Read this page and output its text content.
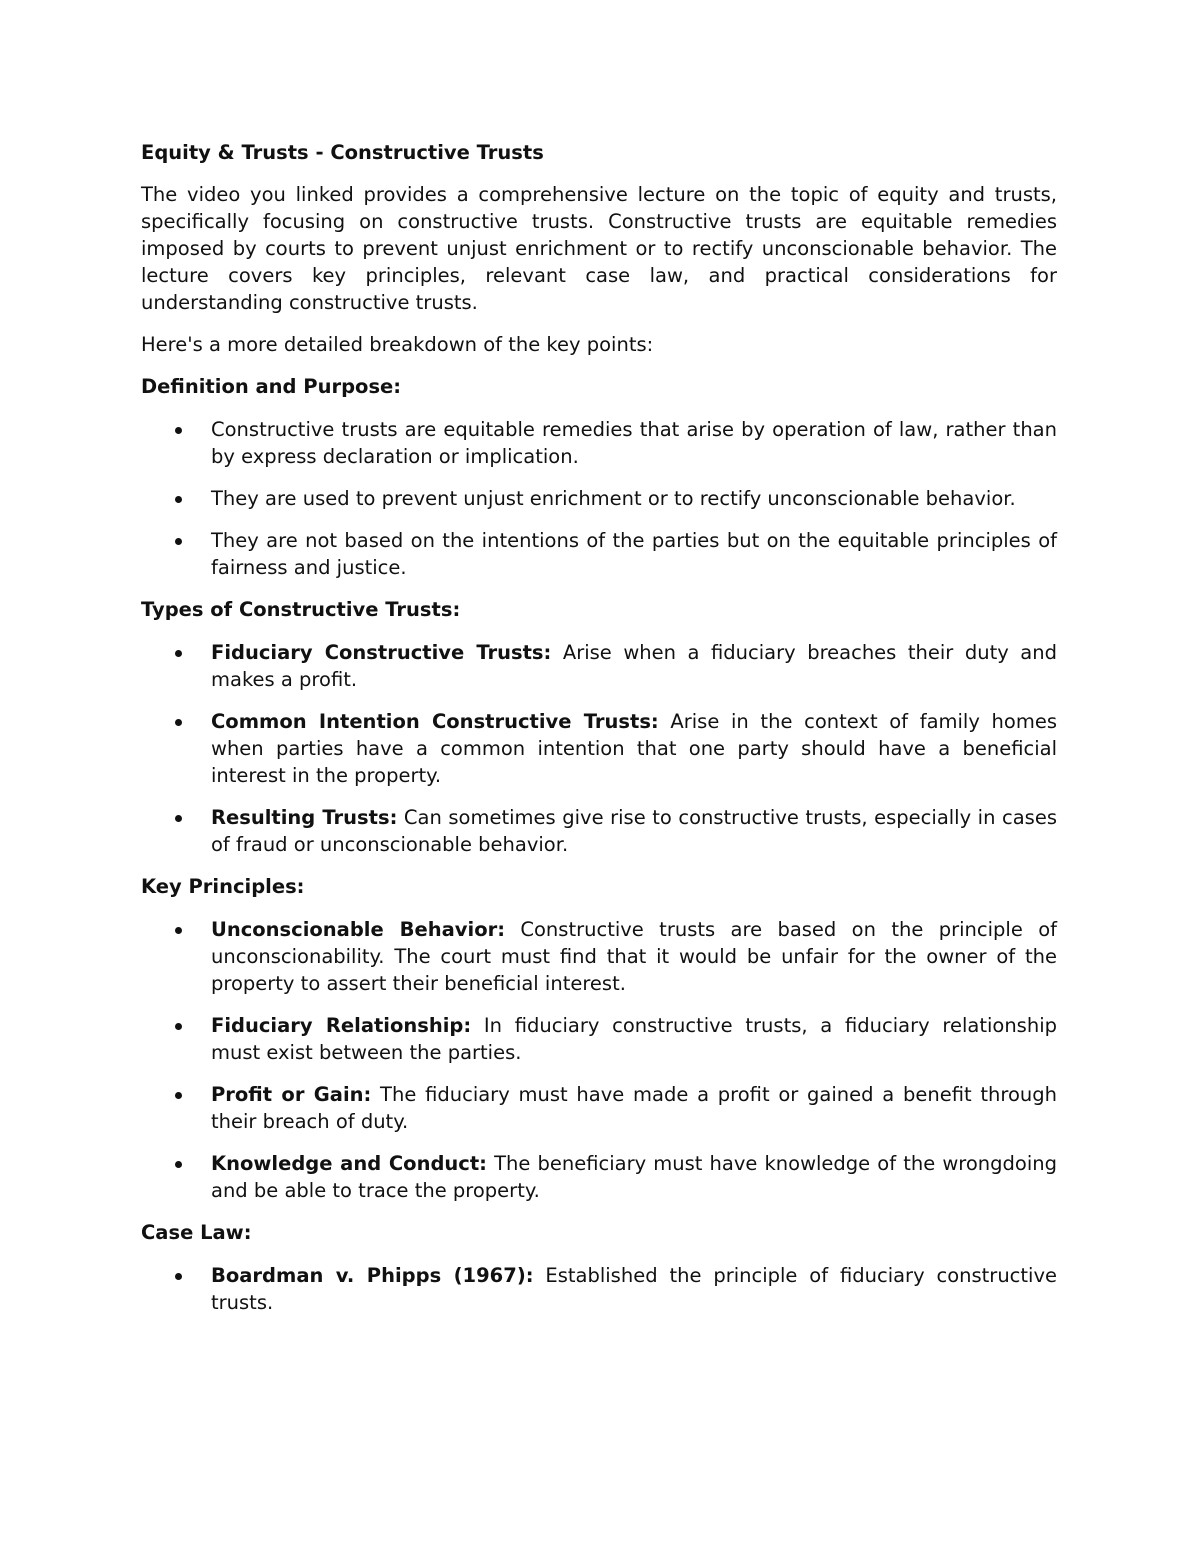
Equity & Trusts - Constructive Trusts

The video you linked provides a comprehensive lecture on the topic of equity and trusts, specifically focusing on constructive trusts. Constructive trusts are equitable remedies imposed by courts to prevent unjust enrichment or to rectify unconscionable behavior. The lecture covers key principles, relevant case law, and practical considerations for understanding constructive trusts.

Here's a more detailed breakdown of the key points:

Definition and Purpose:
Constructive trusts are equitable remedies that arise by operation of law, rather than by express declaration or implication.
They are used to prevent unjust enrichment or to rectify unconscionable behavior.
They are not based on the intentions of the parties but on the equitable principles of fairness and justice.
Types of Constructive Trusts:
Fiduciary Constructive Trusts: Arise when a fiduciary breaches their duty and makes a profit.
Common Intention Constructive Trusts: Arise in the context of family homes when parties have a common intention that one party should have a beneficial interest in the property.
Resulting Trusts: Can sometimes give rise to constructive trusts, especially in cases of fraud or unconscionable behavior.
Key Principles:
Unconscionable Behavior: Constructive trusts are based on the principle of unconscionability. The court must find that it would be unfair for the owner of the property to assert their beneficial interest.
Fiduciary Relationship: In fiduciary constructive trusts, a fiduciary relationship must exist between the parties.
Profit or Gain: The fiduciary must have made a profit or gained a benefit through their breach of duty.
Knowledge and Conduct: The beneficiary must have knowledge of the wrongdoing and be able to trace the property.
Case Law:
Boardman v. Phipps (1967): Established the principle of fiduciary constructive trusts.
